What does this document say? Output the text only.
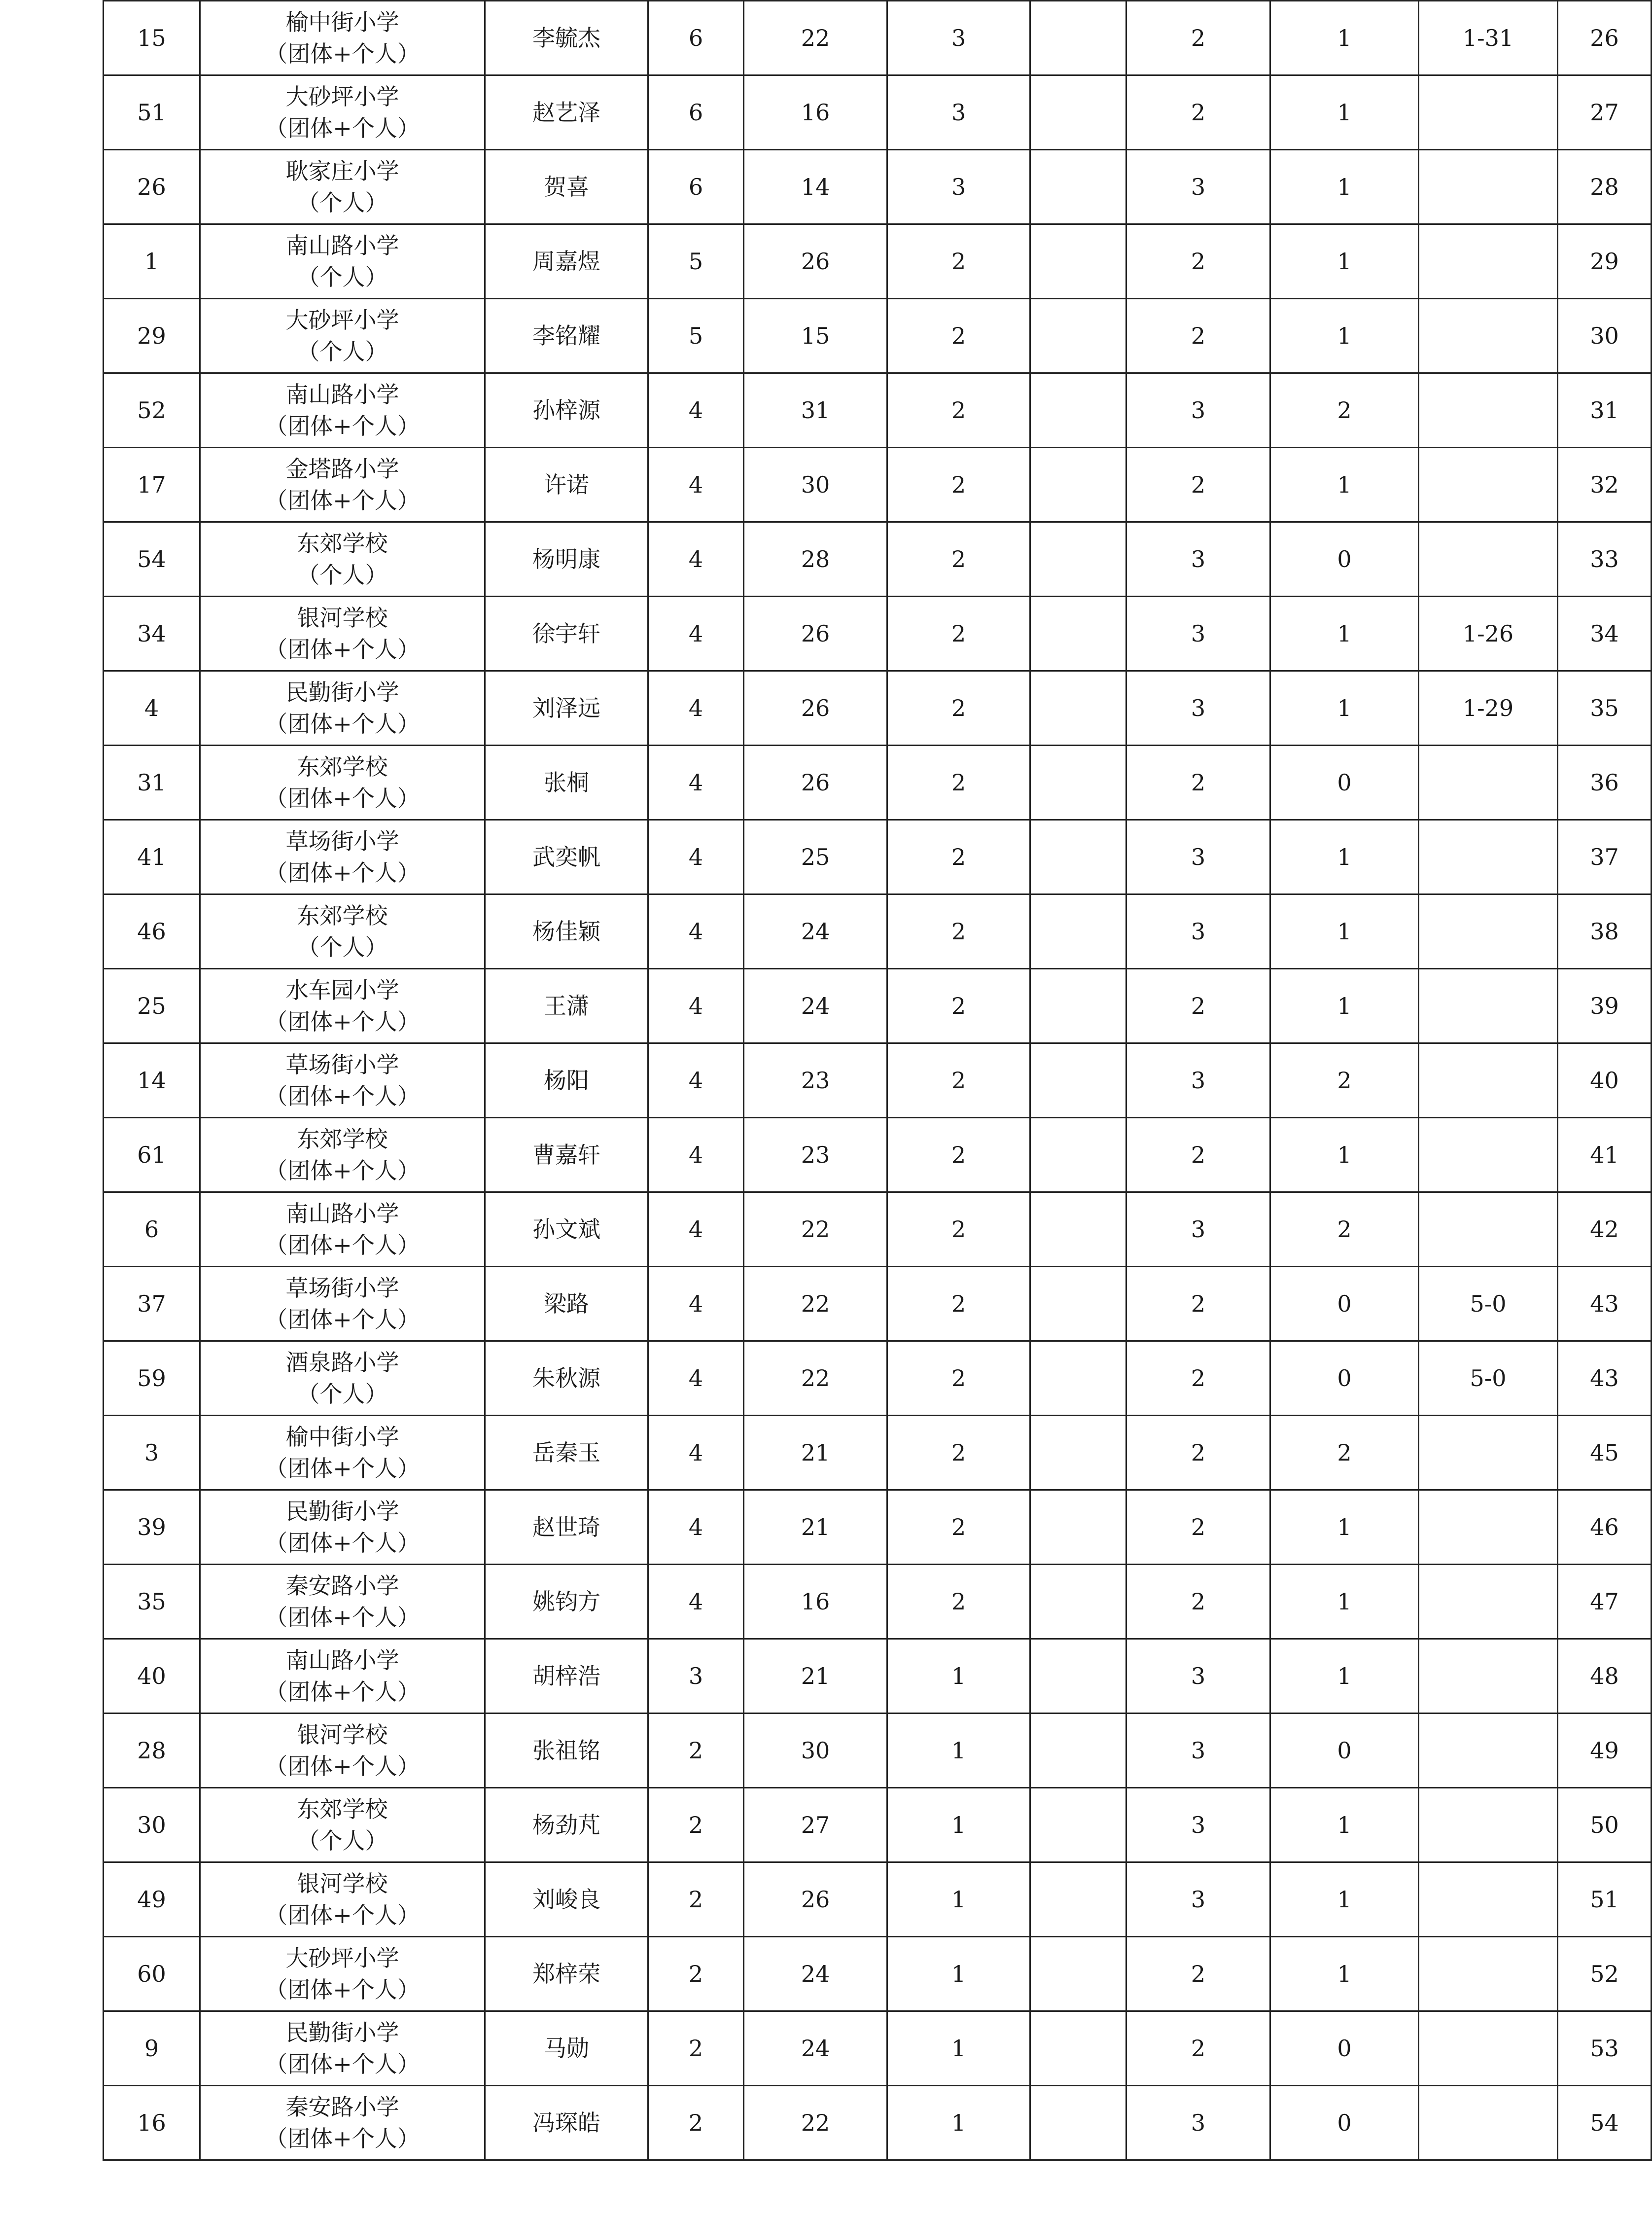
15	榆中街小学
（团体+个人）	李毓杰	6	22	3		2	1	1-31	26
51	大砂坪小学
（团体+个人）	赵艺泽	6	16	3		2	1		27
26	耿家庄小学
（个人）	贺喜	6	14	3		3	1		28
1	南山路小学
（个人）	周嘉煜	5	26	2		2	1		29
29	大砂坪小学
（个人）	李铭耀	5	15	2		2	1		30
52	南山路小学
（团体+个人）	孙梓源	4	31	2		3	2		31
17	金塔路小学
（团体+个人）	许诺	4	30	2		2	1		32
54	东郊学校
（个人）	杨明康	4	28	2		3	0		33
34	银河学校
（团体+个人）	徐宇轩	4	26	2		3	1	1-26	34
4	民勤街小学
（团体+个人）	刘泽远	4	26	2		3	1	1-29	35
31	东郊学校
（团体+个人）	张桐	4	26	2		2	0		36
41	草场街小学
（团体+个人）	武奕帆	4	25	2		3	1		37
46	东郊学校
（个人）	杨佳颖	4	24	2		3	1		38
25	水车园小学
（团体+个人）	王潇	4	24	2		2	1		39
14	草场街小学
（团体+个人）	杨阳	4	23	2		3	2		40
61	东郊学校
（团体+个人）	曹嘉轩	4	23	2		2	1		41
6	南山路小学
（团体+个人）	孙文斌	4	22	2		3	2		42
37	草场街小学
（团体+个人）	梁路	4	22	2		2	0	5-0	43
59	酒泉路小学
（个人）	朱秋源	4	22	2		2	0	5-0	43
3	榆中街小学
（团体+个人）	岳秦玉	4	21	2		2	2		45
39	民勤街小学
（团体+个人）	赵世琦	4	21	2		2	1		46
35	秦安路小学
（团体+个人）	姚钧方	4	16	2		2	1		47
40	南山路小学
（团体+个人）	胡梓浩	3	21	1		3	1		48
28	银河学校
（团体+个人）	张祖铭	2	30	1		3	0		49
30	东郊学校
（个人）	杨劲芃	2	27	1		3	1		50
49	银河学校
（团体+个人）	刘峻良	2	26	1		3	1		51
60	大砂坪小学
（团体+个人）	郑梓荣	2	24	1		2	1		52
9	民勤街小学
（团体+个人）	马勋	2	24	1		2	0		53
16	秦安路小学
（团体+个人）	冯琛皓	2	22	1		3	0		54
